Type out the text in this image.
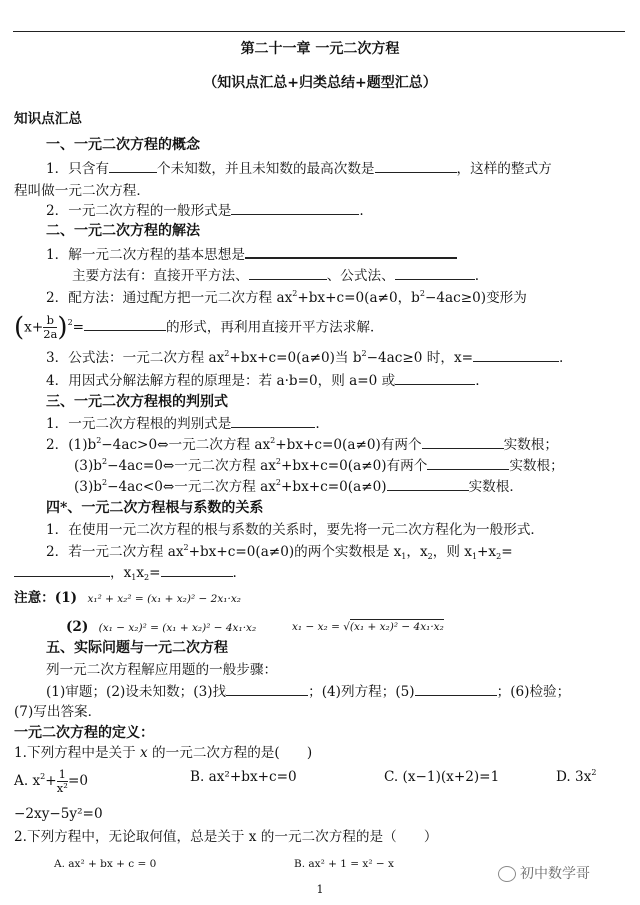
第二十一章 一元二次方程
（知识点汇总+归类总结+题型汇总）
知识点汇总
一、一元二次方程的概念
1．只含有	个未知数，并且未知数的最高次数是	，这样的整式方
程叫做一元二次方程．
2．一元二次方程的一般形式是	.
二、一元二次方程的解法
1．解一元二次方程的基本思想是
主要方法有：直接开平方法、	、公式法、	.
2．配方法：通过配方把一元二次方程 $ax^2+bx+c=0(a\ne 0$，$b^2-4ac\ge 0$)变形为
$(x+ \frac{b}{2a} )^2=$	的形式，再利用直接开平方法求解．
3．公式法：一元二次方程 $ax^2+bx+c=0(a\ne 0)$当 $b^2-4ac\ge 0$ 时，x=	.
4．用因式分解法解方程的原理是：若 a·b=0，则 a=0 或	.
三、一元二次方程根的判别式
1．一元二次方程根的判别式是	.
2．$(1)b^2-4ac>0\Leftrightarrow$一元二次方程 $ax^2+bx+c=0(a\ne 0)$有两个	实数根；
$(3)b^2-4ac=0\Leftrightarrow$一元二次方程 $ax^2+bx+c=0(a\ne 0)$有两个	实数根；
$(3)b^2-4ac<0\Leftrightarrow$一元二次方程 $ax^2+bx+c=0(a\ne 0)$	实数根．
四*、一元二次方程根与系数的关系
1．在使用一元二次方程的根与系数的关系时，要先将一元二次方程化为一般形式．
2．若一元二次方程 $ax^2+bx+c=0(a\ne 0)$的两个实数根是 $x_1$，$x_2$，则 $x_1+x_2=$
，$x_1x_2=$	.
注意：(1) x₁² + x₂² = (x₁ + x₂)² − 2x₁·x₂
(2) (x₁ − x₂)² = (x₁ + x₂)² − 4x₁·x₂	x₁ − x₂ = √(x₁ + x₂)² − 4x₁·x₂
五、实际问题与一元二次方程
列一元二次方程解应用题的一般步骤：
(1)审题；(2)设未知数；(3)找	；(4)列方程；(5)	；(6)检验；
(7)写出答案．
一元二次方程的定义：
1.下列方程中是关于 x 的一元二次方程的是(　　)
A. $x^2+ \frac{1}{\text{x²}} =0$	B. ax²+bx+c=0	C. (x−1)(x+2)=1	D. $3x^2$
−2xy−5y²=0
2.下列方程中，无论取何值，总是关于 x 的一元二次方程的是（　　）
A. ax² + bx + c = 0	B. ax² + 1 = x² − x
初中数学哥
1
